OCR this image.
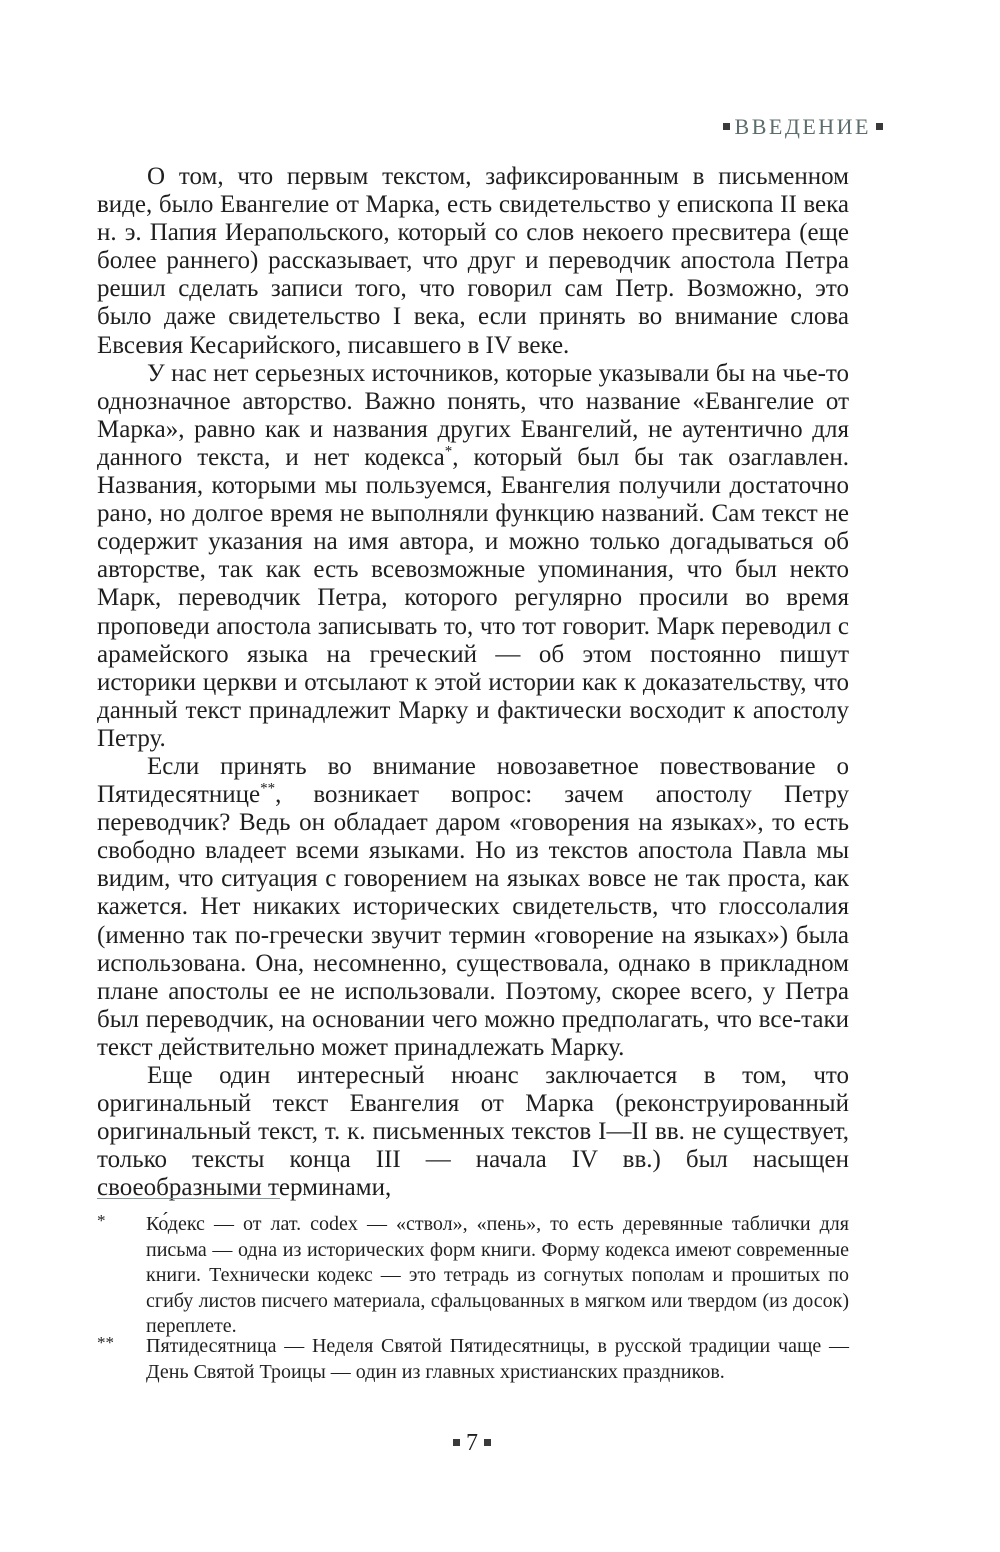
ВВЕДЕНИЕ

О том, что первым текстом, зафиксированным в письменном виде, было Евангелие от Марка, есть свидетельство у епископа II века н. э. Папия Иерапольского, который со слов некоего пресвитера (еще более раннего) рассказывает, что друг и переводчик апостола Петра решил сделать записи того, что говорил сам Петр. Возможно, это было даже свидетельство I века, если принять во внимание слова Евсевия Кесарийского, писавшего в IV веке.

У нас нет серьезных источников, которые указывали бы на чье-то однозначное авторство. Важно понять, что название «Евангелие от Марка», равно как и названия других Евангелий, не аутентично для данного текста, и нет кодекса*, который был бы так озаглавлен. Названия, которыми мы пользуемся, Евангелия получили достаточно рано, но долгое время не выполняли функцию названий. Сам текст не содержит указания на имя автора, и можно только догадываться об авторстве, так как есть всевозможные упоминания, что был некто Марк, переводчик Петра, которого регулярно просили во время проповеди апостола записывать то, что тот говорит. Марк переводил с арамейского языка на греческий — об этом постоянно пишут историки церкви и отсылают к этой истории как к доказательству, что данный текст принадлежит Марку и фактически восходит к апостолу Петру.

Если принять во внимание новозаветное повествование о Пятидесятнице**, возникает вопрос: зачем апостолу Петру переводчик? Ведь он обладает даром «говорения на языках», то есть свободно владеет всеми языками. Но из текстов апостола Павла мы видим, что ситуация с говорением на языках вовсе не так проста, как кажется. Нет никаких исторических свидетельств, что глоссолалия (именно так по-гречески звучит термин «говорение на языках») была использована. Она, несомненно, существовала, однако в прикладном плане апостолы ее не использовали. Поэтому, скорее всего, у Петра был переводчик, на основании чего можно предполагать, что все-таки текст действительно может принадлежать Марку.

Еще один интересный нюанс заключается в том, что оригинальный текст Евангелия от Марка (реконструированный оригинальный текст, т. к. письменных текстов I—II вв. не существует, только тексты конца III — начала IV вв.) был насыщен своеобразными терминами,

* Ко́декс — от лат. codex — «ствол», «пень», то есть деревянные таблички для письма — одна из исторических форм книги. Форму кодекса имеют современные книги. Технически кодекс — это тетрадь из согнутых пополам и прошитых по сгибу листов писчего материала, сфальцованных в мягком или твердом (из досок) переплете.
** Пятидесятница — Неделя Святой Пятидесятницы, в русской традиции чаще — День Святой Троицы — один из главных христианских праздников.
7
